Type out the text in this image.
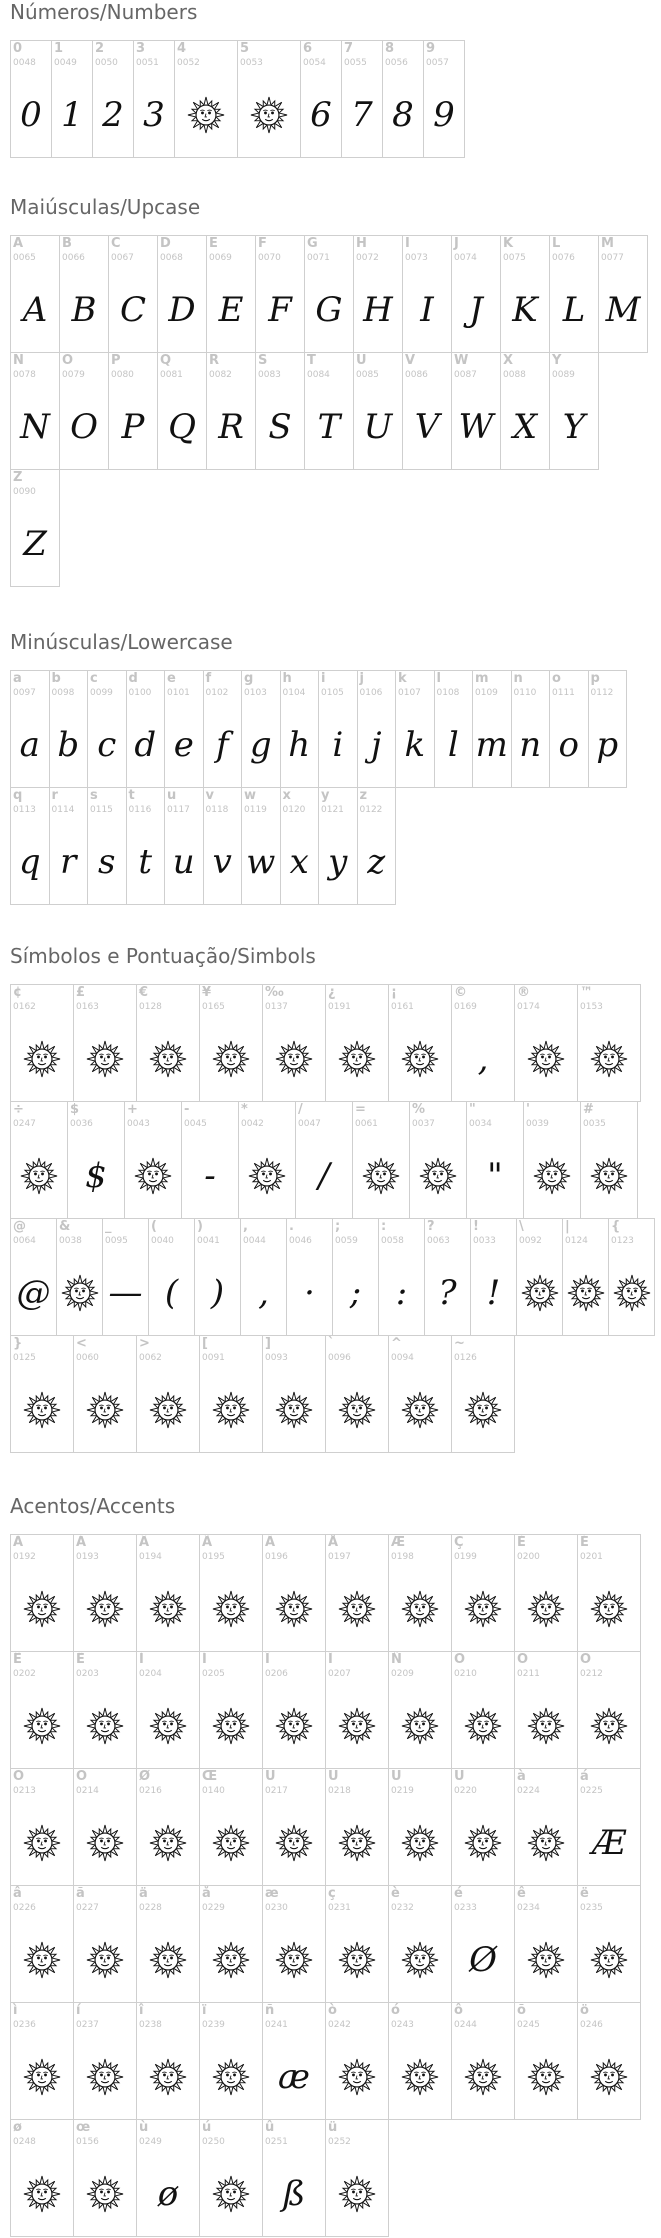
Números/Numbers
0
0048
0
1
0049
1
2
0050
2
3
0051
3
4
0052
5
0053
6
0054
6
7
0055
7
8
0056
8
9
0057
9
Maiúsculas/Upcase
A
0065
A
B
0066
B
C
0067
C
D
0068
D
E
0069
E
F
0070
F
G
0071
G
H
0072
H
I
0073
I
J
0074
J
K
0075
K
L
0076
L
M
0077
M
N
0078
N
O
0079
O
P
0080
P
Q
0081
Q
R
0082
R
S
0083
S
T
0084
T
U
0085
U
V
0086
V
W
0087
W
X
0088
X
Y
0089
Y
Z
0090
Z
Minúsculas/Lowercase
a
0097
a
b
0098
b
c
0099
c
d
0100
d
e
0101
e
f
0102
f
g
0103
g
h
0104
h
i
0105
i
j
0106
j
k
0107
k
l
0108
l
m
0109
m
n
0110
n
o
0111
o
p
0112
p
q
0113
q
r
0114
r
s
0115
s
t
0116
t
u
0117
u
v
0118
v
w
0119
w
x
0120
x
y
0121
y
z
0122
z
Símbolos e Pontuação/Simbols
¢
0162
£
0163
€
0128
¥
0165
‰
0137
¿
0191
¡
0161
©
0169
,
®
0174
™
0153
÷
0247
$
0036
$
+
0043
-
0045
-
*
0042
/
0047
/
=
0061
%
0037
"
0034
"
'
0039
#
0035
@
0064
@
&
0038
_
0095
—
(
0040
(
)
0041
)
,
0044
,
.
0046
·
;
0059
;
:
0058
:
?
0063
?
!
0033
!
\
0092
|
0124
{
0123
}
0125
<
0060
>
0062
[
0091
]
0093
`
0096
^
0094
~
0126
Acentos/Accents
À
0192
Á
0193
Â
0194
Ã
0195
Ä
0196
Å
0197
Æ
0198
Ç
0199
È
0200
É
0201
Ê
0202
Ë
0203
Ì
0204
Í
0205
Î
0206
Ï
0207
Ñ
0209
Ò
0210
Ó
0211
Ô
0212
Õ
0213
Ö
0214
Ø
0216
Œ
0140
Ù
0217
Ú
0218
Û
0219
Ü
0220
à
0224
á
0225
Æ
â
0226
ã
0227
ä
0228
å
0229
æ
0230
ç
0231
è
0232
é
0233
Ø
ê
0234
ë
0235
ì
0236
í
0237
î
0238
ï
0239
ñ
0241
æ
ò
0242
ó
0243
ô
0244
õ
0245
ö
0246
ø
0248
œ
0156
ù
0249
ø
ú
0250
û
0251
ß
ü
0252
